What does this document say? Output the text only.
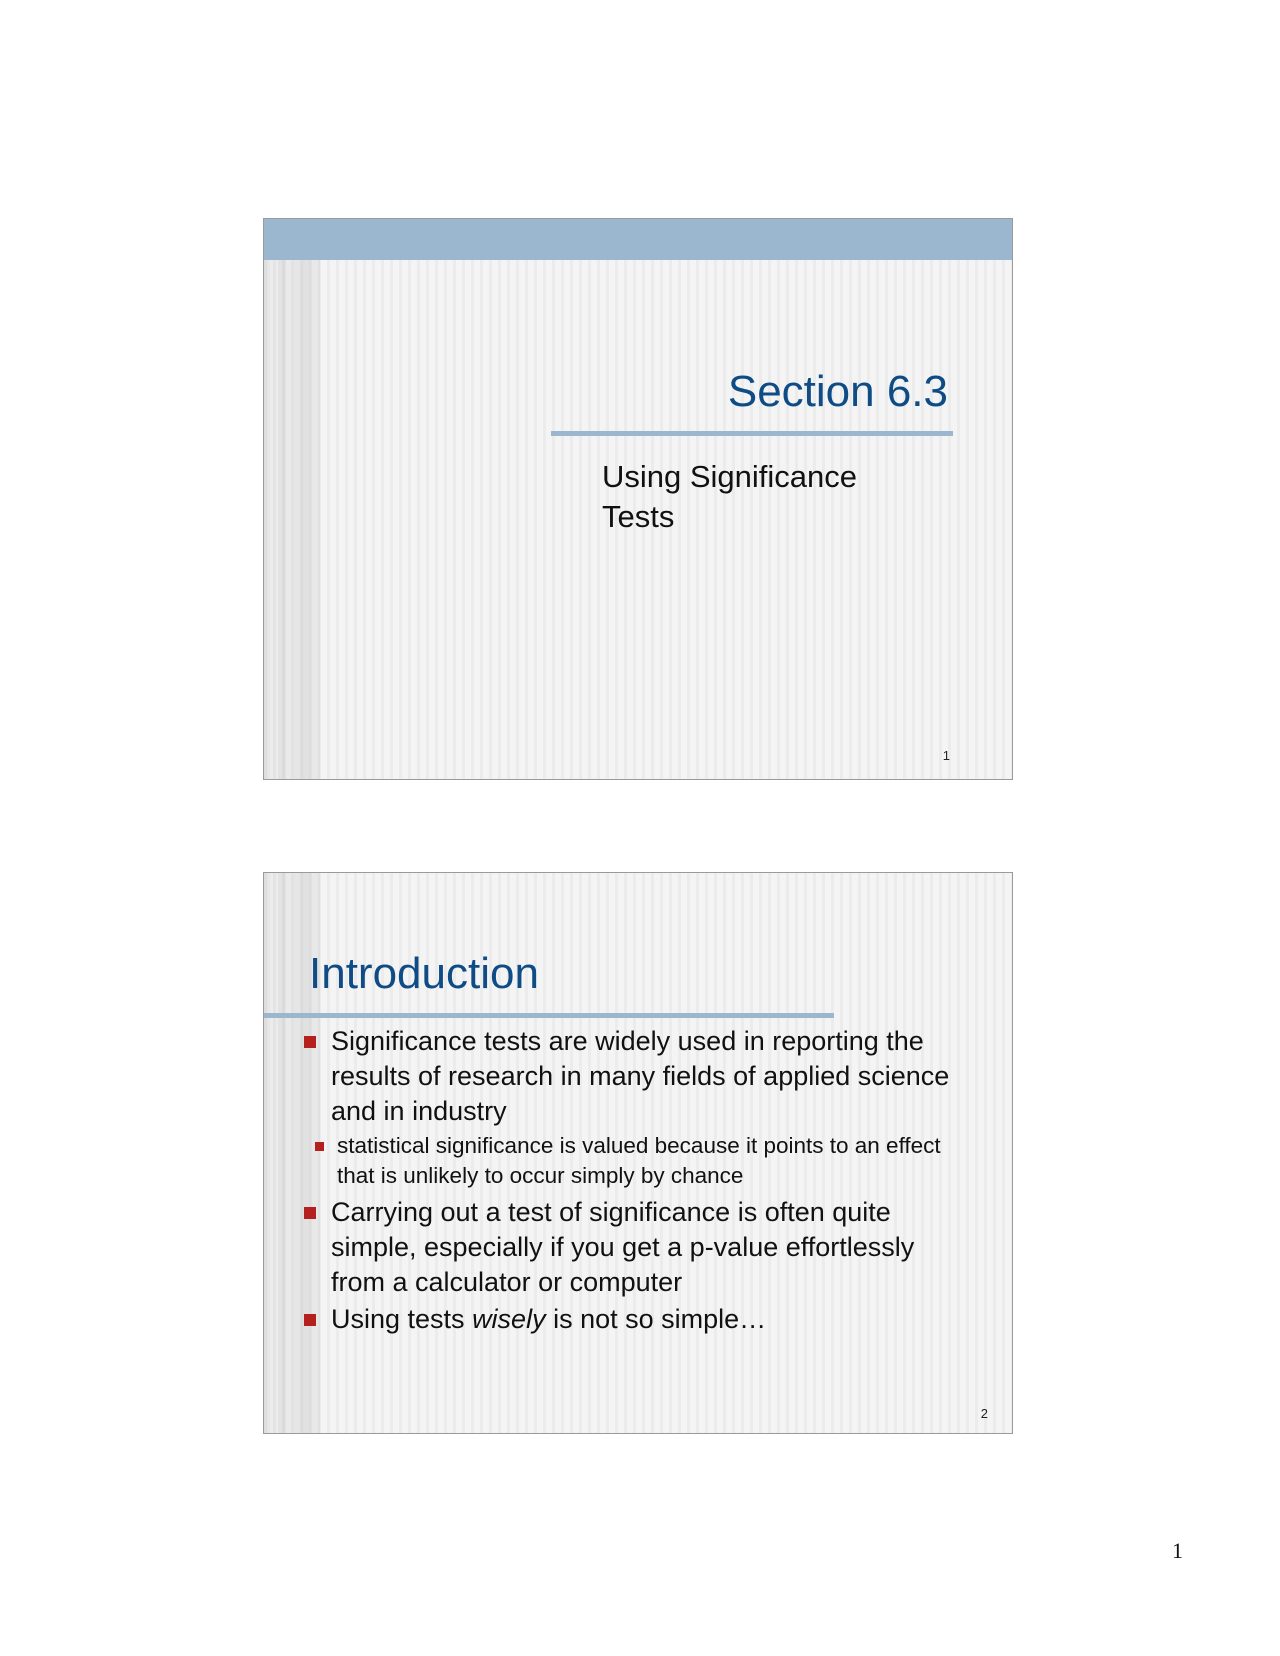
Section 6.3
Using Significance
Tests
1
Introduction
Significance tests are widely used in reporting the results of research in many fields of applied science and in industry
statistical significance is valued because it points to an effect that is unlikely to occur simply by chance
Carrying out a test of significance is often quite simple, especially if you get a p-value effortlessly from a calculator or computer
Using tests wisely is not so simple…
2
1
